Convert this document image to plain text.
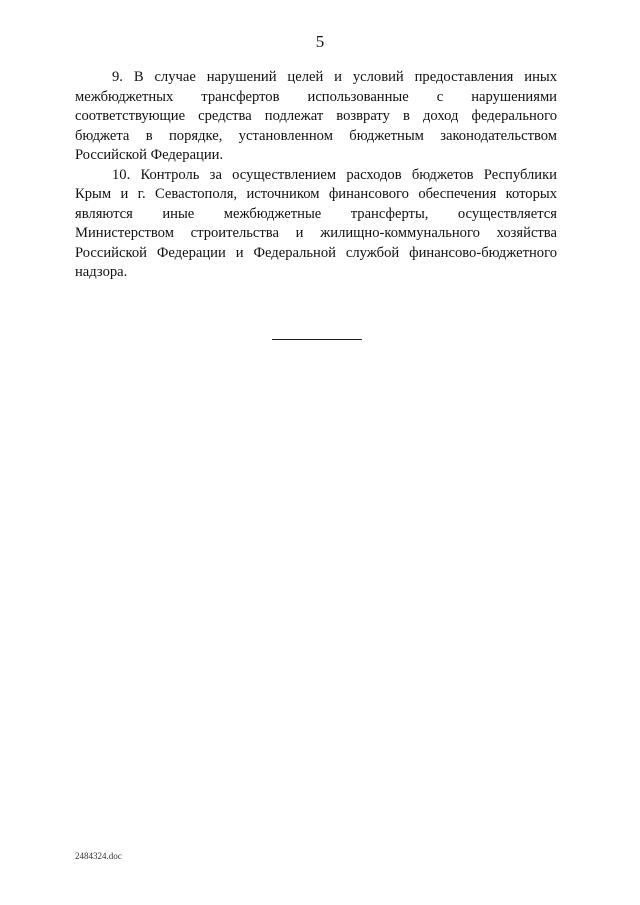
5
9. В случае нарушений целей и условий предоставления иных
межбюджетных трансфертов использованные с нарушениями
соответствующие средства подлежат возврату в доход федерального
бюджета в порядке, установленном бюджетным законодательством
Российской Федерации.
10. Контроль за осуществлением расходов бюджетов Республики
Крым и г. Севастополя, источником финансового обеспечения которых
являются иные межбюджетные трансферты, осуществляется
Министерством строительства и жилищно-коммунального хозяйства
Российской Федерации и Федеральной службой финансово-бюджетного
надзора.
2484324.doc
